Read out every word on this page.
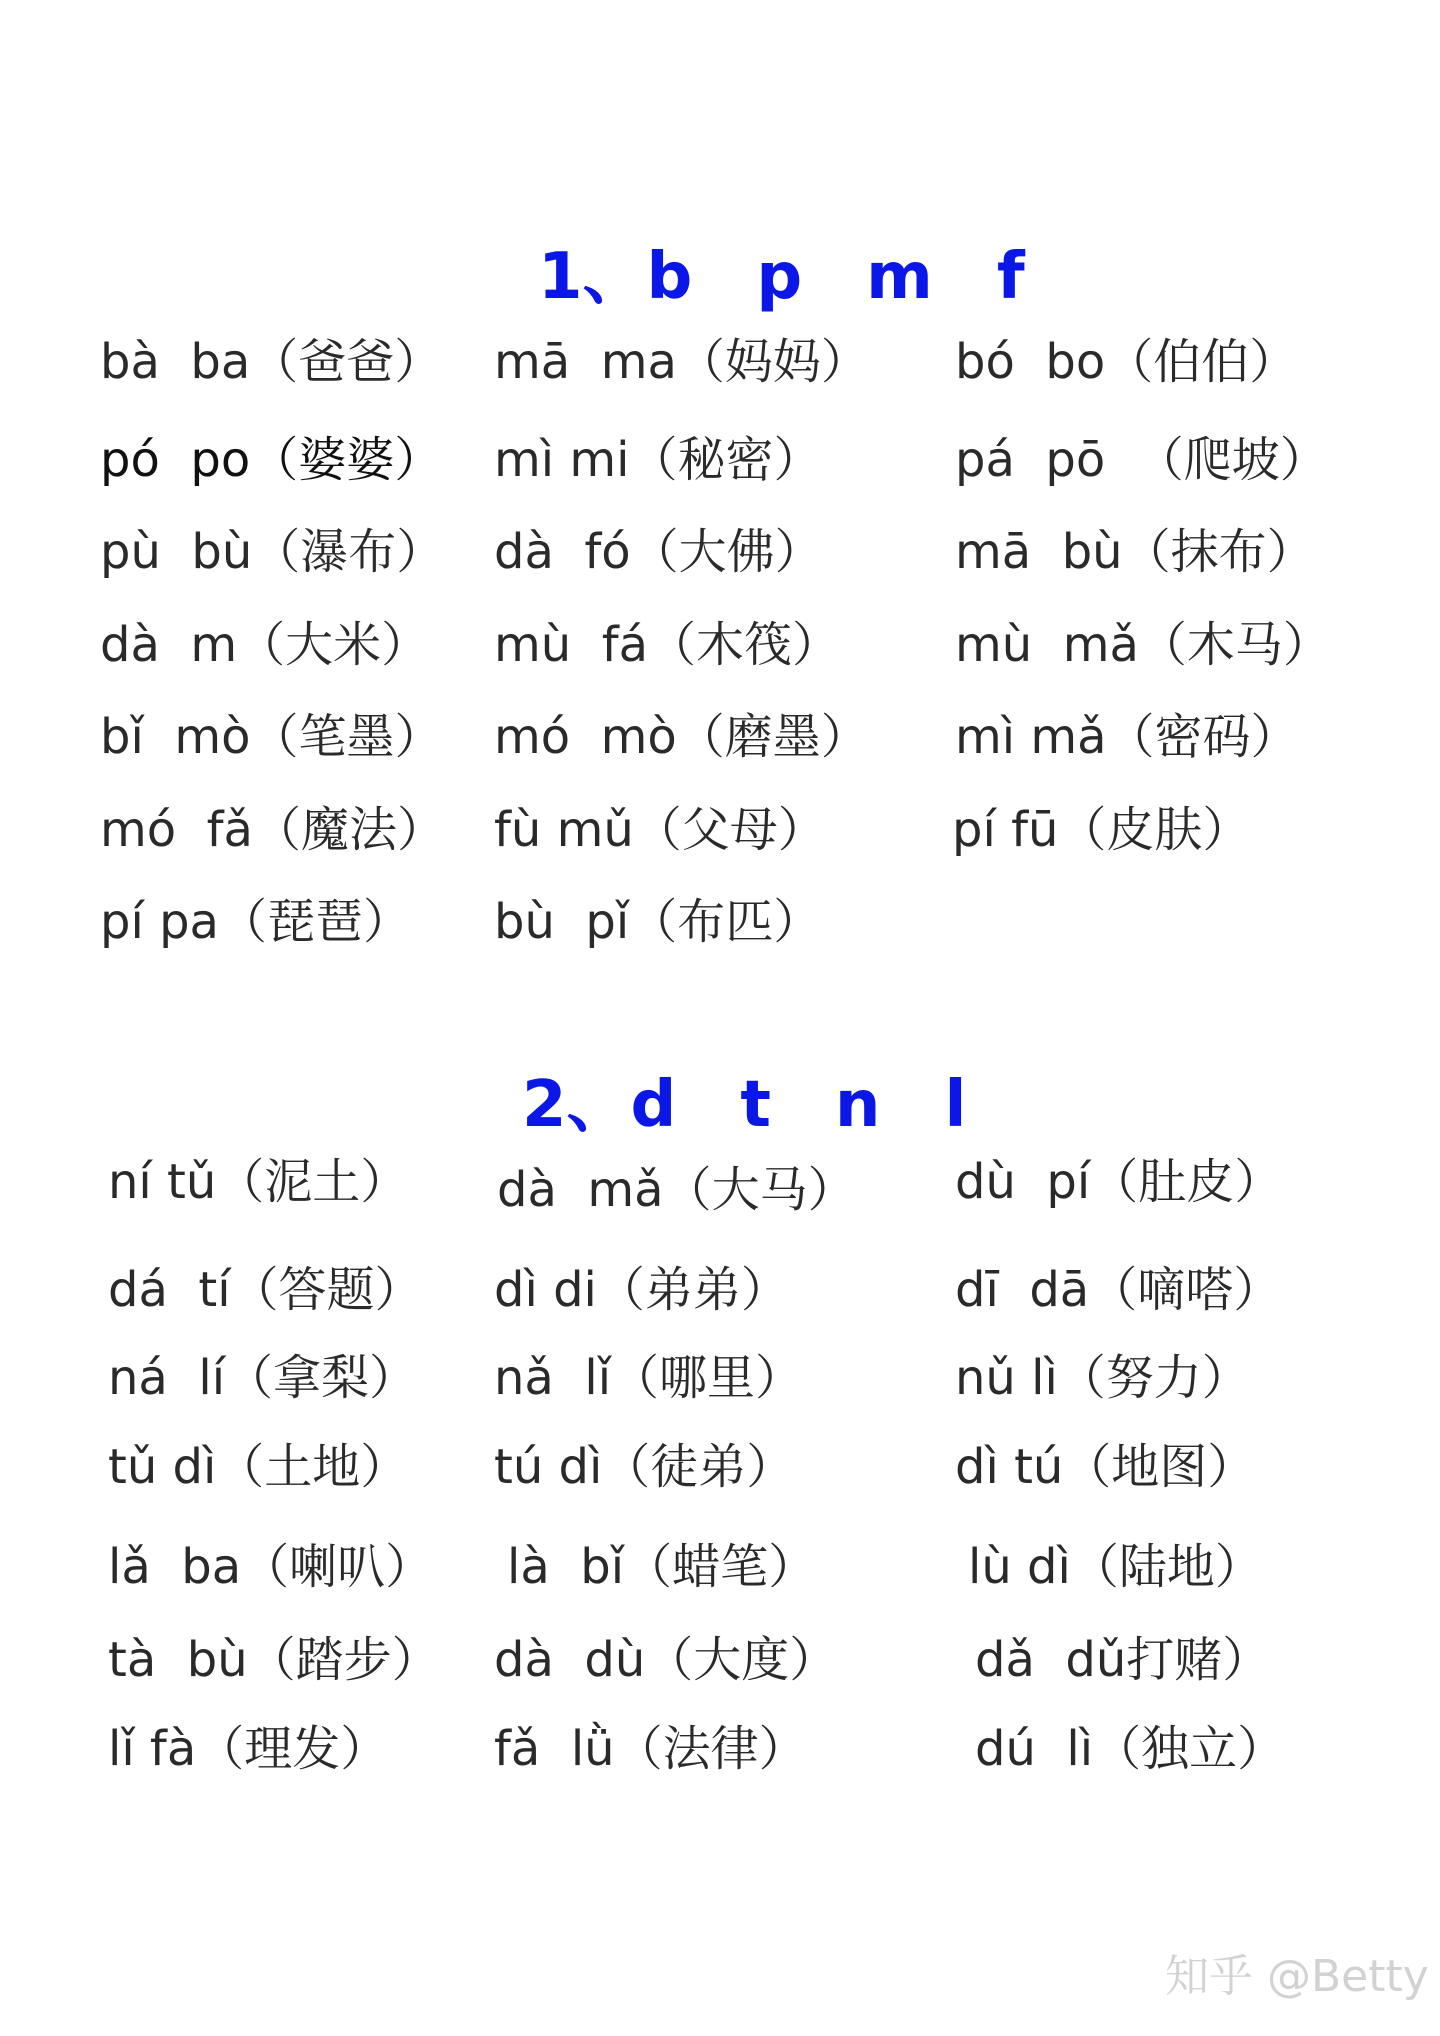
1、b　p　m　f
bà  ba（爸爸） mā  ma（妈妈） bó  bo（伯伯）
pó  po（婆婆） mì mi（秘密）	pá  pō  （爬坡）
pù  bù（瀑布） dà  fó（大佛）	mā  bù（抹布）
dà  m（大米） mù  fá（木筏） mù  mǎ（木马）
bǐ  mò（笔墨） mó  mò（磨墨） mì mǎ（密码）
mó  fǎ（魔法） fù mǔ（父母）	pí fū（皮肤）
pí pa（琵琶） bù  pǐ（布匹）
2、d　t　n　l
ní tǔ（泥土） dà  mǎ（大马） dù  pí（肚皮）
dá  tí（答题） dì di（弟弟）	dī  dā（嘀嗒）
ná  lí（拿梨） nǎ  lǐ（哪里）	nǔ lì（努力）
tǔ dì（土地） tú dì（徒弟）	dì tú（地图）
lǎ  ba（喇叭） là  bǐ（蜡笔）	lù dì（陆地）
tà  bù（踏步） dà  dù（大度）	dǎ  dǔ打赌）
lǐ fà（理发） fǎ  lǜ（法律）	dú  lì（独立）
知乎 @Betty
